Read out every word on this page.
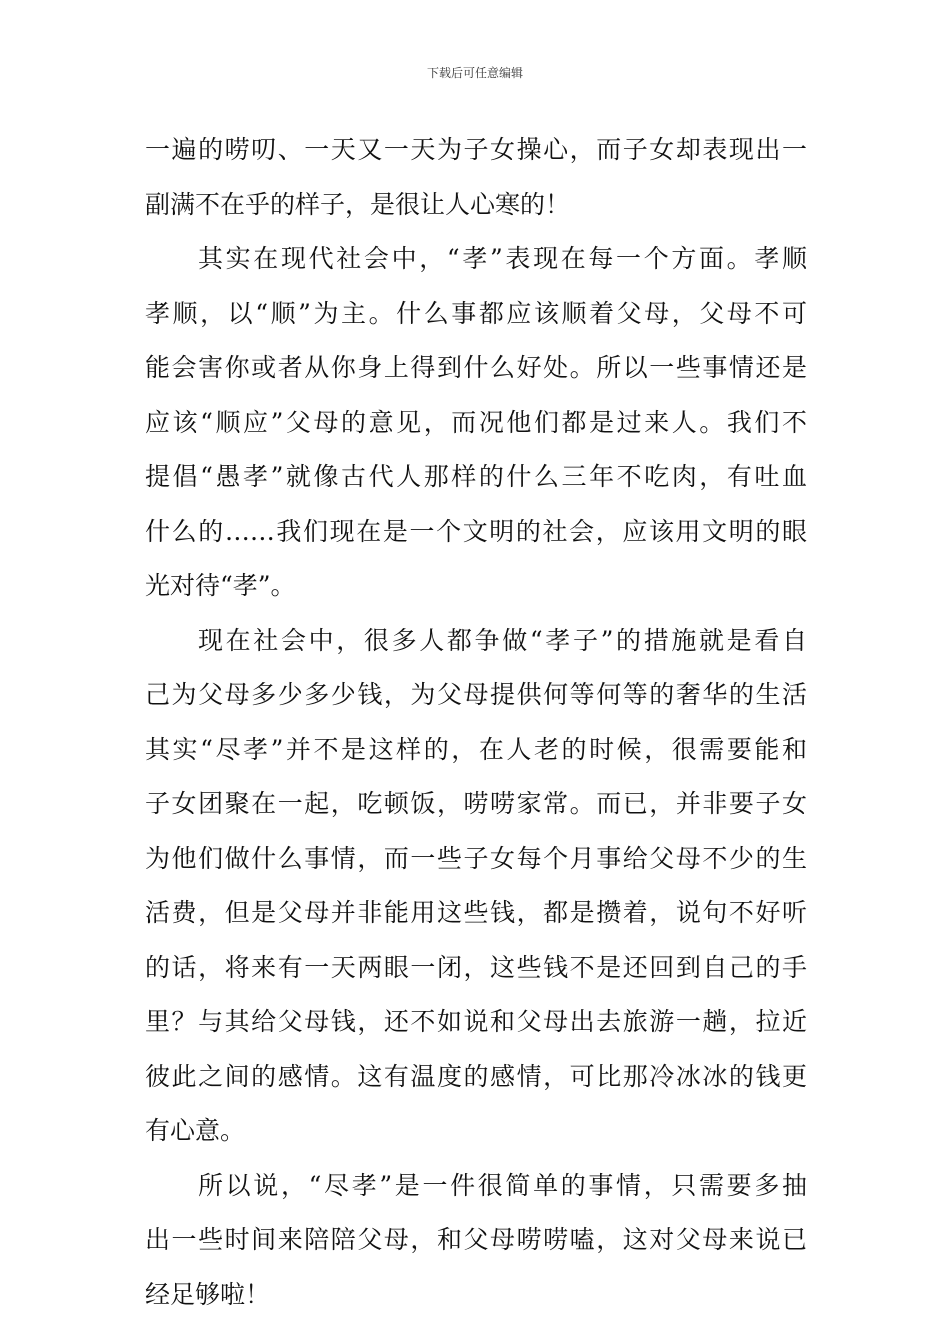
下载后可任意编辑
一遍的唠叨、一天又一天为子女操心，而子女却表现出一
副满不在乎的样子，是很让人心寒的！
其实在现代社会中，“孝”表现在每一个方面。孝顺
孝顺，以“顺”为主。什么事都应该顺着父母，父母不可
能会害你或者从你身上得到什么好处。所以一些事情还是
应该“顺应”父母的意见，而况他们都是过来人。我们不
提倡“愚孝”就像古代人那样的什么三年不吃肉，有吐血
什么的……我们现在是一个文明的社会，应该用文明的眼
光对待“孝”。
现在社会中，很多人都争做“孝子”的措施就是看自
己为父母多少多少钱，为父母提供何等何等的奢华的生活
其实“尽孝”并不是这样的，在人老的时候，很需要能和
子女团聚在一起，吃顿饭，唠唠家常。而已，并非要子女
为他们做什么事情，而一些子女每个月事给父母不少的生
活费，但是父母并非能用这些钱，都是攒着，说句不好听
的话，将来有一天两眼一闭，这些钱不是还回到自己的手
里？与其给父母钱，还不如说和父母出去旅游一趟，拉近
彼此之间的感情。这有温度的感情，可比那冷冰冰的钱更
有心意。
所以说，“尽孝”是一件很简单的事情，只需要多抽
出一些时间来陪陪父母，和父母唠唠嗑，这对父母来说已
经足够啦！
